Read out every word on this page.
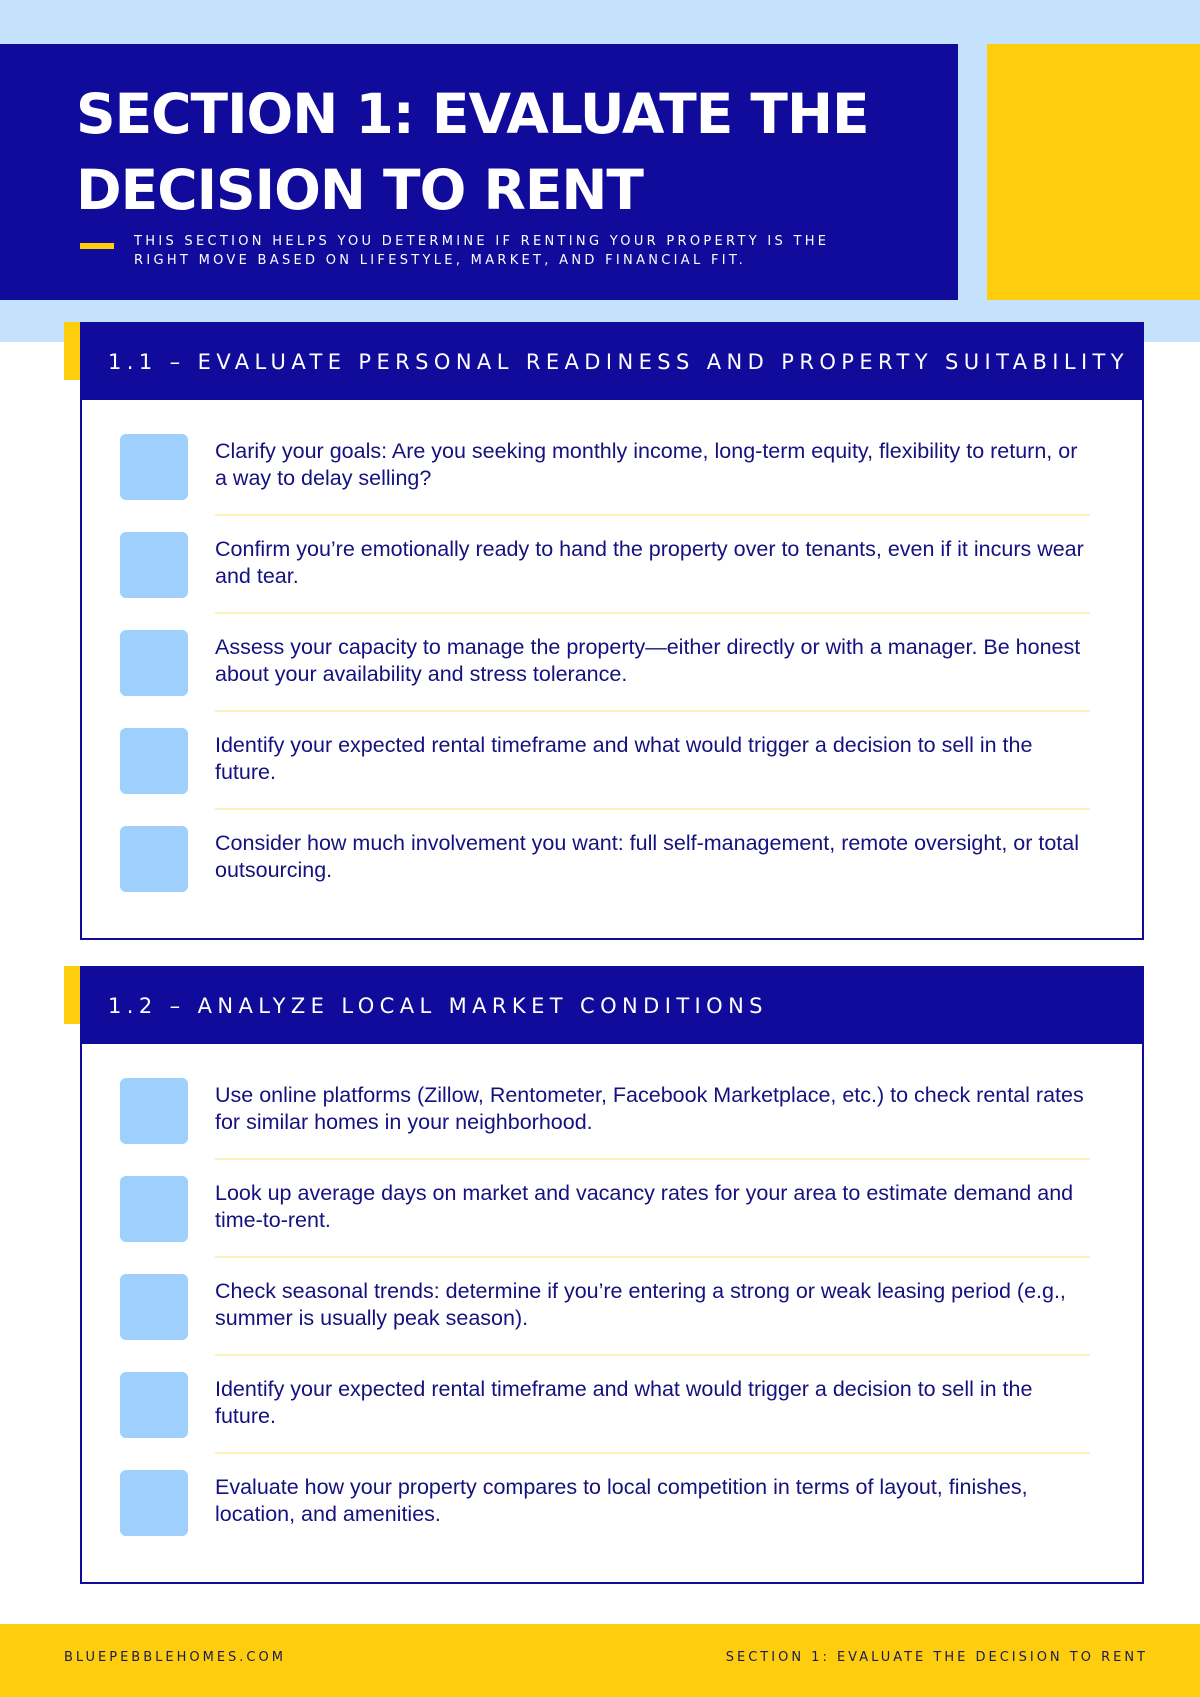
SECTION 1: EVALUATE THE
DECISION TO RENT
THIS SECTION HELPS YOU DETERMINE IF RENTING YOUR PROPERTY IS THE
RIGHT MOVE BASED ON LIFESTYLE, MARKET, AND FINANCIAL FIT.
1.1 – EVALUATE PERSONAL READINESS AND PROPERTY SUITABILITY
Clarify your goals: Are you seeking monthly income, long-term equity, flexibility to return, or a way to delay selling?
Confirm you’re emotionally ready to hand the property over to tenants, even if it incurs wear and tear.
Assess your capacity to manage the property—either directly or with a manager. Be honest about your availability and stress tolerance.
Identify your expected rental timeframe and what would trigger a decision to sell in the future.
Consider how much involvement you want: full self-management, remote oversight, or total outsourcing.
1.2 – ANALYZE LOCAL MARKET CONDITIONS
Use online platforms (Zillow, Rentometer, Facebook Marketplace, etc.) to check rental rates for similar homes in your neighborhood.
Look up average days on market and vacancy rates for your area to estimate demand and time-to-rent.
Check seasonal trends: determine if you’re entering a strong or weak leasing period (e.g., summer is usually peak season).
Identify your expected rental timeframe and what would trigger a decision to sell in the future.
Evaluate how your property compares to local competition in terms of layout, finishes, location, and amenities.
BLUEPEBBLEHOMES.COM	SECTION 1: EVALUATE THE DECISION TO RENT
